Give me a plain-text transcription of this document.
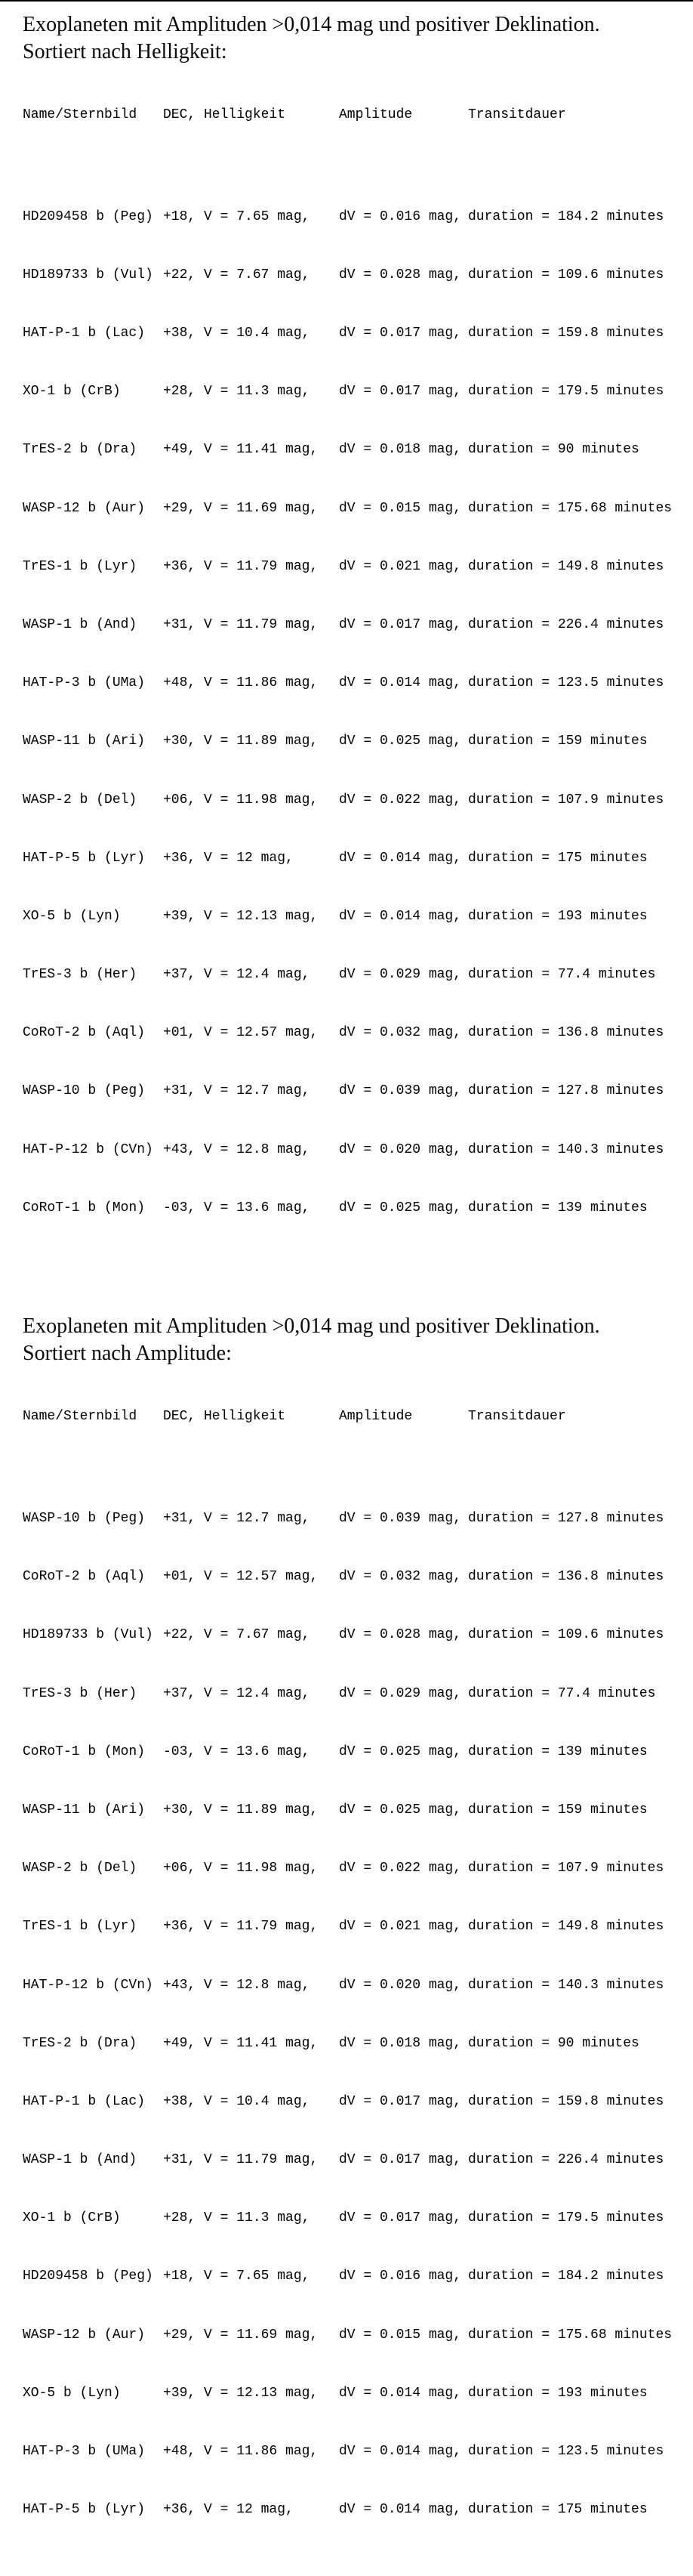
Exoplaneten mit Amplituden >0,014 mag und positiver Deklination.
Sortiert nach Helligkeit:

Name/Sternbild	DEC, Helligkeit	Amplitude	Transitdauer

HD209458 b (Peg) +18, V = 7.65 mag,	dV = 0.016 mag, duration = 184.2 minutes

HD189733 b (Vul) +22, V = 7.67 mag,	dV = 0.028 mag, duration = 109.6 minutes

HAT-P-1 b (Lac)	+38, V = 10.4 mag,	dV = 0.017 mag, duration = 159.8 minutes

XO-1 b (CrB)	+28, V = 11.3 mag,	dV = 0.017 mag, duration = 179.5 minutes

TrES-2 b (Dra)	+49, V = 11.41 mag,	dV = 0.018 mag, duration = 90 minutes

WASP-12 b (Aur)	+29, V = 11.69 mag,	dV = 0.015 mag, duration = 175.68 minutes

TrES-1 b (Lyr)	+36, V = 11.79 mag,	dV = 0.021 mag, duration = 149.8 minutes

WASP-1 b (And)	+31, V = 11.79 mag,	dV = 0.017 mag, duration = 226.4 minutes

HAT-P-3 b (UMa)	+48, V = 11.86 mag,	dV = 0.014 mag, duration = 123.5 minutes

WASP-11 b (Ari)	+30, V = 11.89 mag,	dV = 0.025 mag, duration = 159 minutes

WASP-2 b (Del)	+06, V = 11.98 mag,	dV = 0.022 mag, duration = 107.9 minutes

HAT-P-5 b (Lyr)	+36, V = 12 mag,	dV = 0.014 mag, duration = 175 minutes

XO-5 b (Lyn)	+39, V = 12.13 mag,	dV = 0.014 mag, duration = 193 minutes

TrES-3 b (Her)	+37, V = 12.4 mag,	dV = 0.029 mag, duration = 77.4 minutes

CoRoT-2 b (Aql)	+01, V = 12.57 mag,	dV = 0.032 mag, duration = 136.8 minutes

WASP-10 b (Peg)	+31, V = 12.7 mag,	dV = 0.039 mag, duration = 127.8 minutes

HAT-P-12 b (CVn) +43, V = 12.8 mag,	dV = 0.020 mag, duration = 140.3 minutes

CoRoT-1 b (Mon)	-03, V = 13.6 mag,	dV = 0.025 mag, duration = 139 minutes

Exoplaneten mit Amplituden >0,014 mag und positiver Deklination.
Sortiert nach Amplitude:

Name/Sternbild	DEC, Helligkeit	Amplitude	Transitdauer

WASP-10 b (Peg)	+31, V = 12.7 mag,	dV = 0.039 mag, duration = 127.8 minutes

CoRoT-2 b (Aql)	+01, V = 12.57 mag,	dV = 0.032 mag, duration = 136.8 minutes

HD189733 b (Vul) +22, V = 7.67 mag,	dV = 0.028 mag, duration = 109.6 minutes

TrES-3 b (Her)	+37, V = 12.4 mag,	dV = 0.029 mag, duration = 77.4 minutes

CoRoT-1 b (Mon)	-03, V = 13.6 mag,	dV = 0.025 mag, duration = 139 minutes

WASP-11 b (Ari)	+30, V = 11.89 mag,	dV = 0.025 mag, duration = 159 minutes

WASP-2 b (Del)	+06, V = 11.98 mag,	dV = 0.022 mag, duration = 107.9 minutes

TrES-1 b (Lyr)	+36, V = 11.79 mag,	dV = 0.021 mag, duration = 149.8 minutes

HAT-P-12 b (CVn) +43, V = 12.8 mag,	dV = 0.020 mag, duration = 140.3 minutes

TrES-2 b (Dra)	+49, V = 11.41 mag,	dV = 0.018 mag, duration = 90 minutes

HAT-P-1 b (Lac)	+38, V = 10.4 mag,	dV = 0.017 mag, duration = 159.8 minutes

WASP-1 b (And)	+31, V = 11.79 mag,	dV = 0.017 mag, duration = 226.4 minutes

XO-1 b (CrB)	+28, V = 11.3 mag,	dV = 0.017 mag, duration = 179.5 minutes

HD209458 b (Peg) +18, V = 7.65 mag,	dV = 0.016 mag, duration = 184.2 minutes

WASP-12 b (Aur)	+29, V = 11.69 mag,	dV = 0.015 mag, duration = 175.68 minutes

XO-5 b (Lyn)	+39, V = 12.13 mag,	dV = 0.014 mag, duration = 193 minutes

HAT-P-3 b (UMa)	+48, V = 11.86 mag,	dV = 0.014 mag, duration = 123.5 minutes

HAT-P-5 b (Lyr)	+36, V = 12 mag,	dV = 0.014 mag, duration = 175 minutes
